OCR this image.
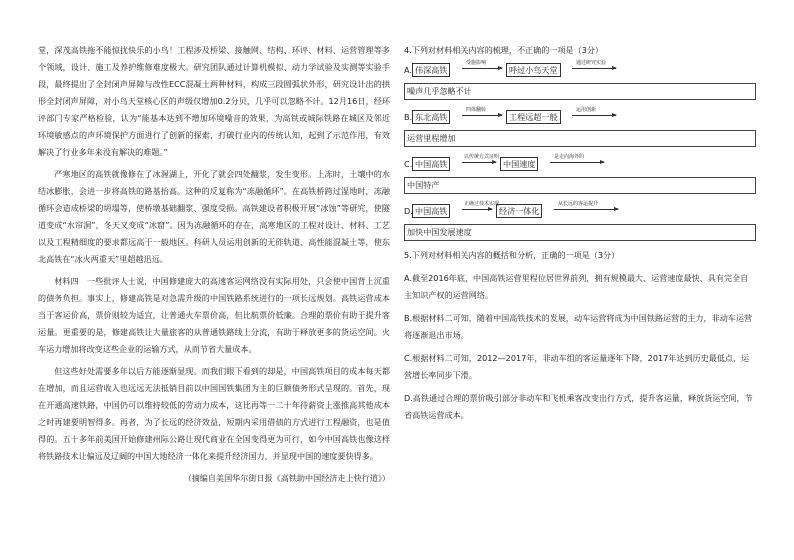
堂，深茂高铁拖不能惊扰快乐的小鸟！工程涉及桥梁、接触网、结构、环评、材料、运营管理等多个领域，设计、施工及养护维修难度极大。研究团队通过计算机模拟、动力学试验及实测等实验手段，最终提出了全封闭声屏障与改性ECC混凝土两种材料，构成三段圆弧状外形，研究设计出的拱形全封闭声屏障，对小鸟天堂核心区的声级仅增加0.2分贝，几乎可以忽略不计。12月16日，经环评部门专家严格检验，认为“能基本达到不增加环境噪音的效果，为高铁或城际铁路在城区及邻近环境敏感点的声环境保护方面进行了创新的探索，打破行业内的传统认知，起到了示范作用，有效解决了行业多年来没有解决的难题。”

严寒地区的高铁就像修在了冰渥湖上，开化了就会四处翻浆，发生变形。上冻时，土壤中的水结冰膨胀，会进一步将高铁的路基抬高。这种的反复称为“冻融循环”。在高铁桥跨过湿地时，冻融循环会造成桥梁的坍塌等，使桥墩基础翻浆、强度受损。高铁建设者积极开展“冰蚀”等研究，使隧道变成“水帘洞”，冬天又变成“冰窟”。因为冻融循环的存在，高寒地区的工程对设计、材料、工艺以及工程精细度的要求都远高于一般地区。科研人员运用创新的无砟轨道、高性能混凝土等，使东北高铁在“冰火两重天”里超越迅远。

材料四　一些批评人士说，中国修建庞大的高速客运网络没有实际用处，只会使中国背上沉重的债务负担。事实上，修建高铁是对急需升级的中国铁路系统进行的一项长远规划。高铁运营成本当于客运价高，票价则较为适宜，让普通火车票价高，但比航票价低廉。合理的票价有助于提升客运量。更重要的是，修建高铁让大量旅客的从普通铁路线上分流，有助于释放更多的货运空间。火车运力增加将改变这些企业的运输方式，从而节省大量成本。

但这些好处需要多年以后方能逐渐显现。而我们眼下看到的却是，中国高铁项目的成本每天都在增加，而且运营收入也远远无法抵销目前以中国国铁集团为主的巨额债务形式呈现的。首先，现在开通高速铁路，中国仍可以维持较低的劳动力成本，这比再等一二十年待薪资上涨推高其他成本之时再建要明智得多。再者，为了长远的经济效益，短期内采用借债的方式进行工程融资，也是值得的。五十多年前美国开始修建州际公路让现代商业在全国变得更为可行，如今中国高铁也像这样将铁路技术让偏远及辽阔的中国大地经济一体化来提升经济国力，并显现中国的速度要快得多。

（摘编自美国华尔街日报《高铁助中国经济走上快行道》）

4.下列对材料相关内容的梳理，不正确的一项是（3分）

A. 伟深高铁
受施影响
呼过小鸟天堂
通过研究实验
噪声几乎忽略不计
B. 东北高铁
四体翻转
工程远超一般
运用创新
运营里程增加
C. 中国高铁
以传统方式证明
中国速度
是走向海外的
中国特产
D. 中国高铁
正确过技术实现
经济一体化
从长远的客运提升
加快中国发展速度

5.下列对材料相关内容的概括和分析，正确的一项是（3分）

A.截至2016年底，中国高铁运营里程位居世界前列，拥有规模最大、运营速度最快、具有完全自主知识产权的运营网络。

B.根据材料二可知，随着中国高铁技术的发展，动车运营将成为中国铁路运营的主力，非动车运营将逐渐退出市场。

C.根据材料二可知，2012—2017年，非动车组的客运量逐年下降，2017年达到历史最低点，运营增长率同步下滑。

D.高铁通过合理的票价吸引部分非动车和飞机乘客改变出行方式，提升客运量，释放货运空间，节省高铁运营成本。
